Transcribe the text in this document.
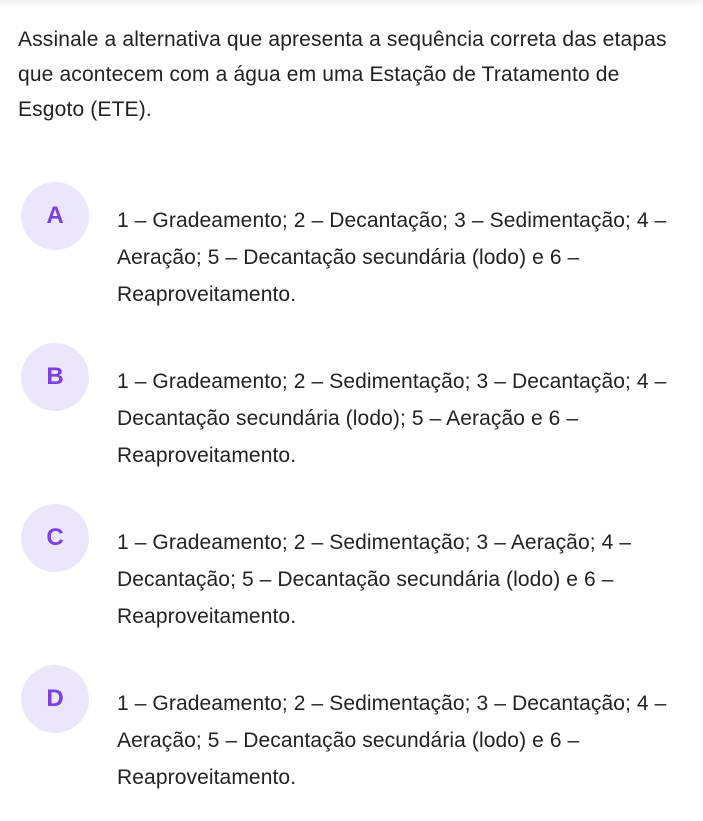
Assinale a alternativa que apresenta a sequência correta das etapas que acontecem com a água em uma Estação de Tratamento de Esgoto (ETE).
A	1 – Gradeamento; 2 – Decantação; 3 – Sedimentação; 4 – Aeração; 5 – Decantação secundária (lodo) e 6 – Reaproveitamento.
B	1 – Gradeamento; 2 – Sedimentação; 3 – Decantação; 4 – Decantação secundária (lodo); 5 – Aeração e 6 – Reaproveitamento.
C	1 – Gradeamento; 2 – Sedimentação; 3 – Aeração; 4 – Decantação; 5 – Decantação secundária (lodo) e 6 – Reaproveitamento.
D	1 – Gradeamento; 2 – Sedimentação; 3 – Decantação; 4 – Aeração; 5 – Decantação secundária (lodo) e 6 – Reaproveitamento.
